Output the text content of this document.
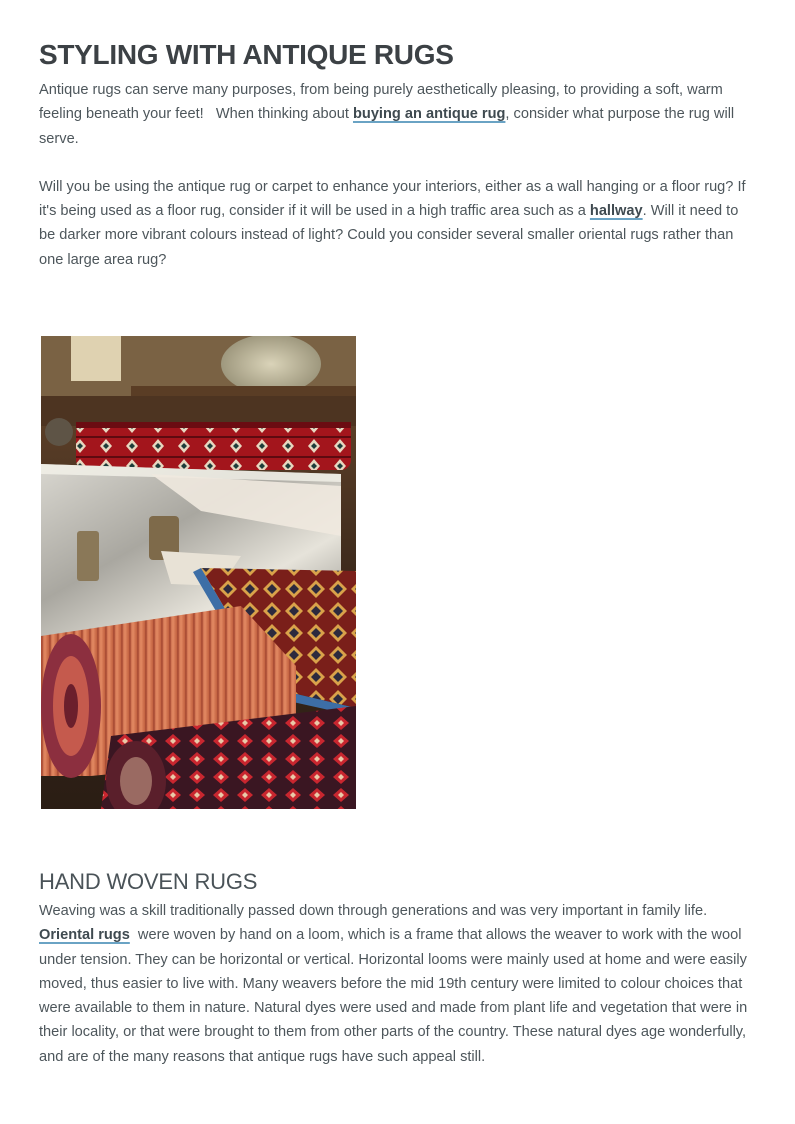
STYLING WITH ANTIQUE RUGS

Antique rugs can serve many purposes, from being purely aesthetically pleasing, to providing a soft, warm feeling beneath your feet!   When thinking about buying an antique rug, consider what purpose the rug will serve.

Will you be using the antique rug or carpet to enhance your interiors, either as a wall hanging or a floor rug? If it's being used as a floor rug, consider if it will be used in a high traffic area such as a hallway. Will it need to be darker more vibrant colours instead of light? Could you consider several smaller oriental rugs rather than one large area rug?

HAND WOVEN RUGS

Weaving was a skill traditionally passed down through generations and was very important in family life. Oriental rugs  were woven by hand on a loom, which is a frame that allows the weaver to work with the wool under tension. They can be horizontal or vertical. Horizontal looms were mainly used at home and were easily moved, thus easier to live with. Many weavers before the mid 19th century were limited to colour choices that were available to them in nature. Natural dyes were used and made from plant life and vegetation that were in their locality, or that were brought to them from other parts of the country. These natural dyes age wonderfully, and are of the many reasons that antique rugs have such appeal still.
